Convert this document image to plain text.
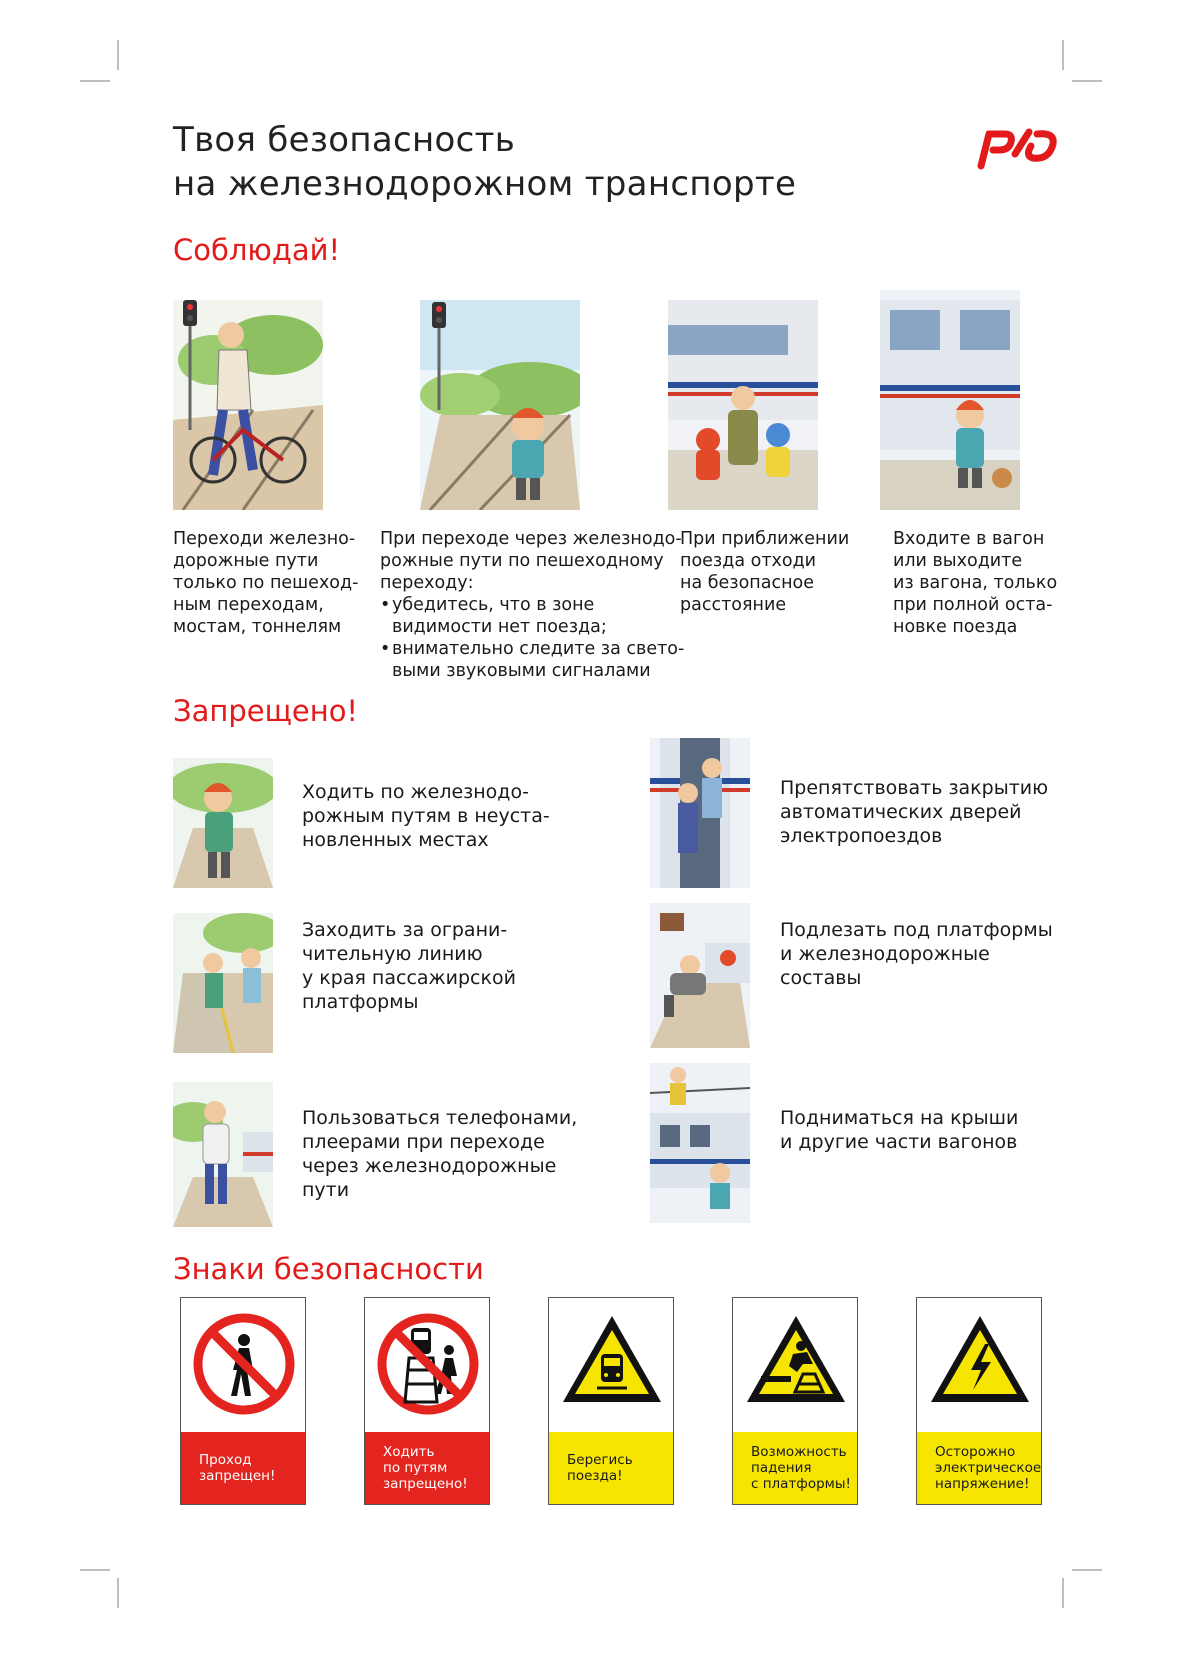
Твоя безопасность
на железнодорожном транспорте
Соблюдай!
Переходи железно-
дорожные пути
только по пешеход-
ным переходам,
мостам, тоннелям
При переходе через железнодо-
рожные пути по пешеходному
переходу:
• убедитесь, что в зоне
видимости нет поезда;
• внимательно следите за свето-
выми звуковыми сигналами
При приближении
поезда отходи
на безопасное
расстояние
Входите в вагон
или выходите
из вагона, только
при полной оста-
новке поезда
Запрещено!
Ходить по железнодо-
рожным путям в неуста-
новленных местах
Препятствовать закрытию
автоматических дверей
электропоездов
Заходить за ограни-
чительную линию
у края пассажирской
платформы
Подлезать под платформы
и железнодорожные
составы
Пользоваться телефонами,
плеерами при переходе
через железнодорожные
пути
Подниматься на крыши
и другие части вагонов
Знаки безопасности
Проход
запрещен!
Ходить
по путям
запрещено!
Берегись
поезда!
Возможность
падения
с платформы!
Осторожно
электрическое
напряжение!
